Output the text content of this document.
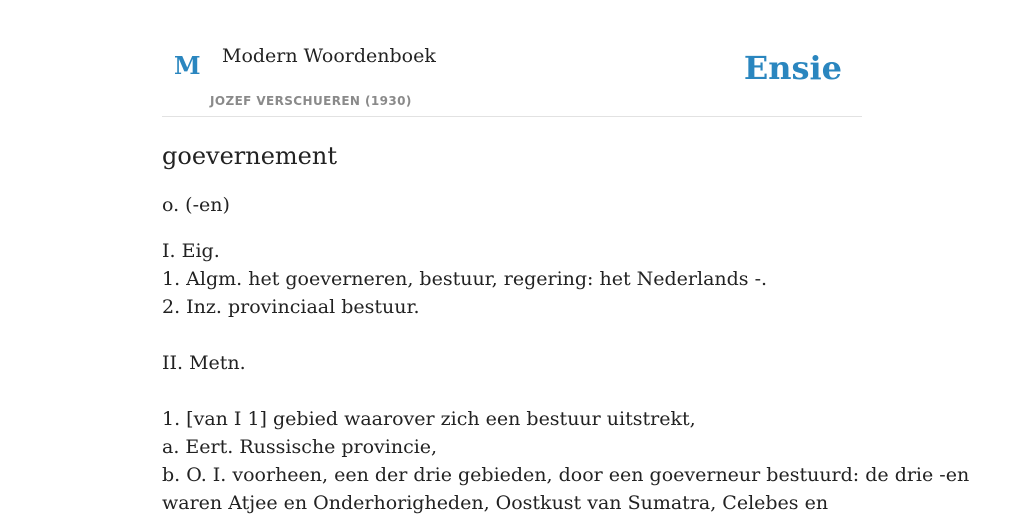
M Modern Woordenboek
JOZEF VERSCHUEREN (1930)
Ensie
goevernement

o. (-en)

I. Eig.
1. Algm. het goeverneren, bestuur, regering: het Nederlands -.
2. Inz. provinciaal bestuur.
II. Metn.
1. [van I 1] gebied waarover zich een bestuur uitstrekt,
a. Eert. Russische provincie,
b. O. I. voorheen, een der drie gebieden, door een goeverneur bestuurd: de drie -en
waren Atjee en Onderhorigheden, Oostkust van Sumatra, Celebes en
